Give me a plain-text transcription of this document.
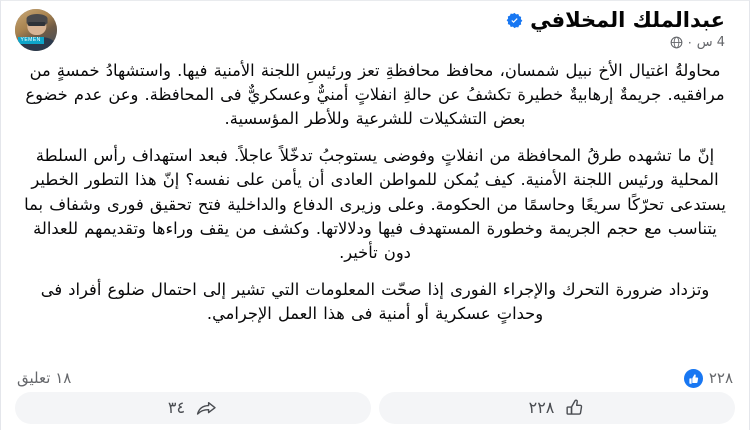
عبدالملك المخلافي
4 س
·
YEMEN

محاولةُ اغتيال الأخ نبيل شمسان، محافظ محافظةِ تعز ورئيسِ اللجنة الأمنية فيها. واستشهادُ خمسةٍ من مرافقيه. جريمةٌ إرهابيةٌ خطيرة تكشفُ عن حالةِ انفلاتٍ أمنيٌّ وعسكريٌّ فى المحافظة. وعن عدم خضوع بعض التشكيلات للشرعية وللأطر المؤسسية.

إنّ ما تشهده طرقُ المحافظة من انفلاتٍ وفوضى يستوجبُ تدخّلاً عاجلاً. فبعد استهداف رأس السلطة المحلية ورئيس اللجنة الأمنية. كيف يُمكن للمواطن العادى أن يأمن على نفسه؟ إنّ هذا التطور الخطير يستدعى تحرّكًا سريعًا وحاسمًا من الحكومة. وعلى وزيرى الدفاع والداخلية فتح تحقيق فورى وشفاف بما يتناسب مع حجم الجريمة وخطورة المستهدف فيها ودلالاتها. وكشف من يقف وراءها وتقديمهم للعدالة دون تأخير.

وتزداد ضرورة التحرك والإجراء الفورى إذا صحّت المعلومات التي تشير إلى احتمال ضلوع أفراد فى وحداتٍ عسكرية أو أمنية فى هذا العمل الإجرامي.

٢٢٨
١٨ تعليق
٢٢٨
٣٤
